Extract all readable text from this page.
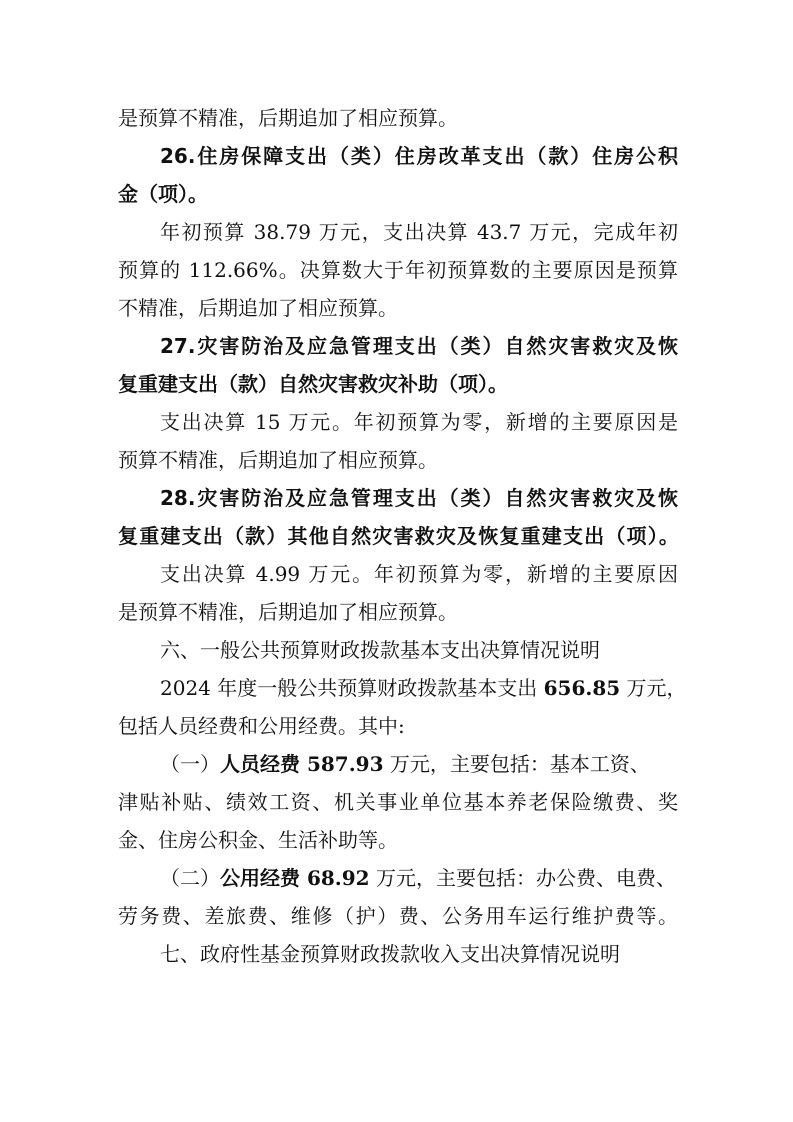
是预算不精准，后期追加了相应预算。
26.住房保障支出（类）住房改革支出（款）住房公积
金（项）。
年初预算 38.79 万元，支出决算 43.7 万元，完成年初
预算的 112.66%。决算数大于年初预算数的主要原因是预算
不精准，后期追加了相应预算。
27.灾害防治及应急管理支出（类）自然灾害救灾及恢
复重建支出（款）自然灾害救灾补助（项）。
支出决算 15 万元。年初预算为零，新增的主要原因是
预算不精准，后期追加了相应预算。
28.灾害防治及应急管理支出（类）自然灾害救灾及恢
复重建支出（款）其他自然灾害救灾及恢复重建支出（项）。
支出决算 4.99 万元。年初预算为零，新增的主要原因
是预算不精准，后期追加了相应预算。
六、一般公共预算财政拨款基本支出决算情况说明
2024 年度一般公共预算财政拨款基本支出 656.85 万元，
包括人员经费和公用经费。其中:
（一）人员经费 587.93 万元，主要包括：基本工资、
津贴补贴、绩效工资、机关事业单位基本养老保险缴费、奖
金、住房公积金、生活补助等。
（二）公用经费 68.92 万元，主要包括：办公费、电费、
劳务费、差旅费、维修（护）费、公务用车运行维护费等。
七、政府性基金预算财政拨款收入支出决算情况说明
